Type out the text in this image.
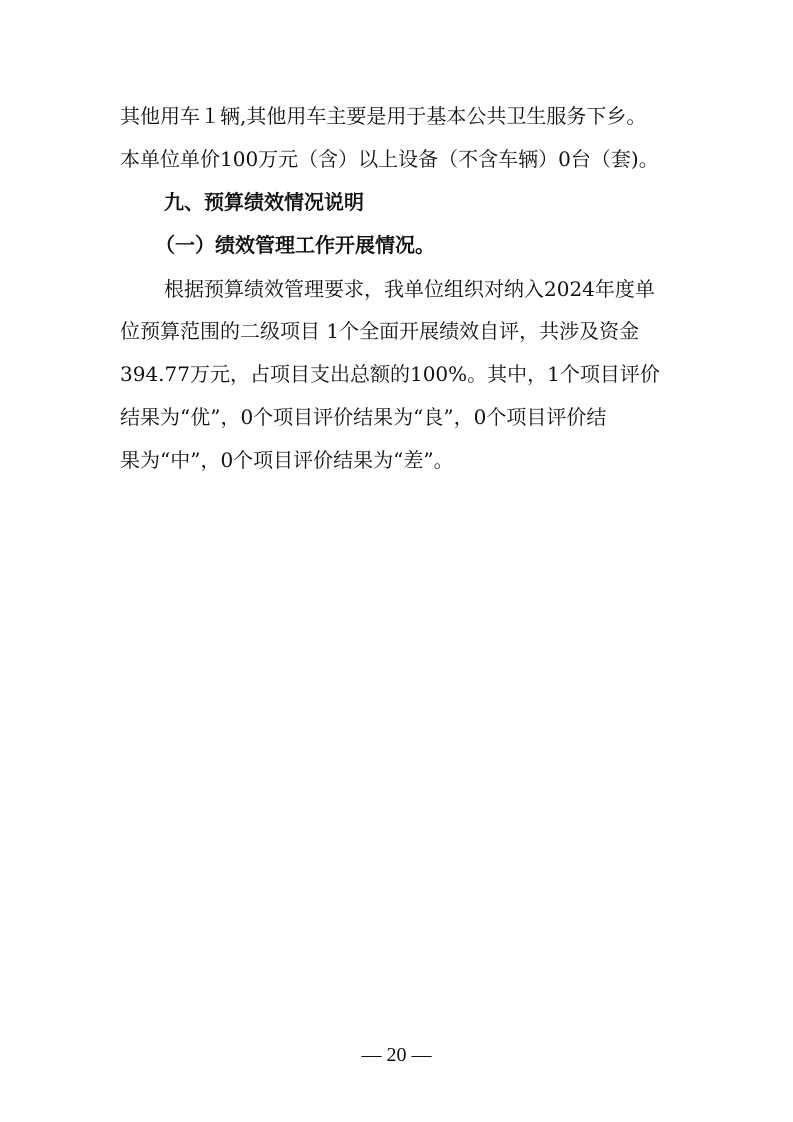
其他用车１辆,其他用车主要是用于基本公共卫生服务下乡。
本单位单价100万元（含）以上设备（不含车辆）0台（套)。
九、预算绩效情况说明
（一）绩效管理工作开展情况。
根据预算绩效管理要求，我单位组织对纳入2024年度单
位预算范围的二级项目 1个全面开展绩效自评，共涉及资金
394.77万元，占项目支出总额的100%。其中，1个项目评价
结果为“优”，0个项目评价结果为“良”，0个项目评价结
果为“中”，0个项目评价结果为“差”。
— 20 —
